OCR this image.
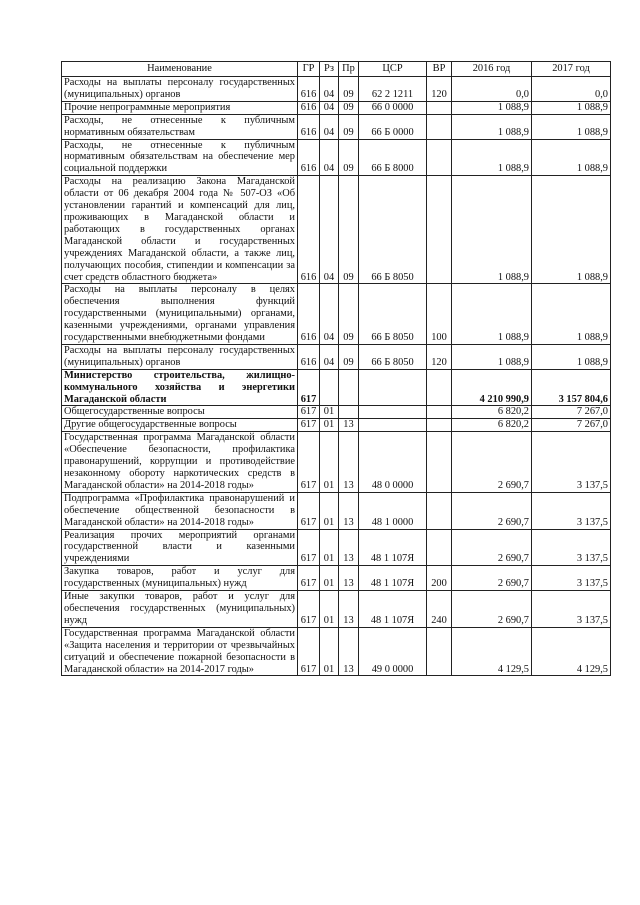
Наименование	ГР	Рз	Пр	ЦСР	ВР	2016 год	2017 год
Расходы на выплаты персоналу государственных (муниципальных) органов	616	04	09	62 2 1211	120	0,0	0,0
Прочие непрограммные мероприятия	616	04	09	66 0 0000		1 088,9	1 088,9
Расходы, не отнесенные к публичным нормативным обязательствам	616	04	09	66 Б 0000		1 088,9	1 088,9
Расходы, не отнесенные к публичным нормативным обязательствам на обеспечение мер социальной поддержки	616	04	09	66 Б 8000		1 088,9	1 088,9
Расходы на реализацию Закона Магаданской области от 06 декабря 2004 года № 507-ОЗ «Об установлении гарантий и компенсаций для лиц, проживающих в Магаданской области и работающих в государственных органах Магаданской области и государственных учреждениях Магаданской области, а также лиц, получающих пособия, стипендии и компенсации за счет средств областного бюджета»	616	04	09	66 Б 8050		1 088,9	1 088,9
Расходы на выплаты персоналу в целях обеспечения выполнения функций государственными (муниципальными) органами, казенными учреждениями, органами управления государственными внебюджетными фондами	616	04	09	66 Б 8050	100	1 088,9	1 088,9
Расходы на выплаты персоналу государственных (муниципальных) органов	616	04	09	66 Б 8050	120	1 088,9	1 088,9
Министерство строительства, жилищно-коммунального хозяйства и энергетики Магаданской области	617					4 210 990,9	3 157 804,6
Общегосударственные вопросы	617	01				6 820,2	7 267,0
Другие общегосударственные вопросы	617	01	13			6 820,2	7 267,0
Государственная программа Магаданской области «Обеспечение безопасности, профилактика правонарушений, коррупции и противодействие незаконному обороту наркотических средств в Магаданской области» на 2014-2018 годы»	617	01	13	48 0 0000		2 690,7	3 137,5
Подпрограмма «Профилактика правонарушений и обеспечение общественной безопасности в Магаданской области» на 2014-2018 годы»	617	01	13	48 1 0000		2 690,7	3 137,5
Реализация прочих мероприятий органами государственной власти и казенными учреждениями	617	01	13	48 1 107Я		2 690,7	3 137,5
Закупка товаров, работ и услуг для государственных (муниципальных) нужд	617	01	13	48 1 107Я	200	2 690,7	3 137,5
Иные закупки товаров, работ и услуг для обеспечения государственных (муниципальных) нужд	617	01	13	48 1 107Я	240	2 690,7	3 137,5
Государственная программа Магаданской области «Защита населения и территории от чрезвычайных ситуаций и обеспечение пожарной безопасности в Магаданской области» на 2014-2017 годы»	617	01	13	49 0 0000		4 129,5	4 129,5
